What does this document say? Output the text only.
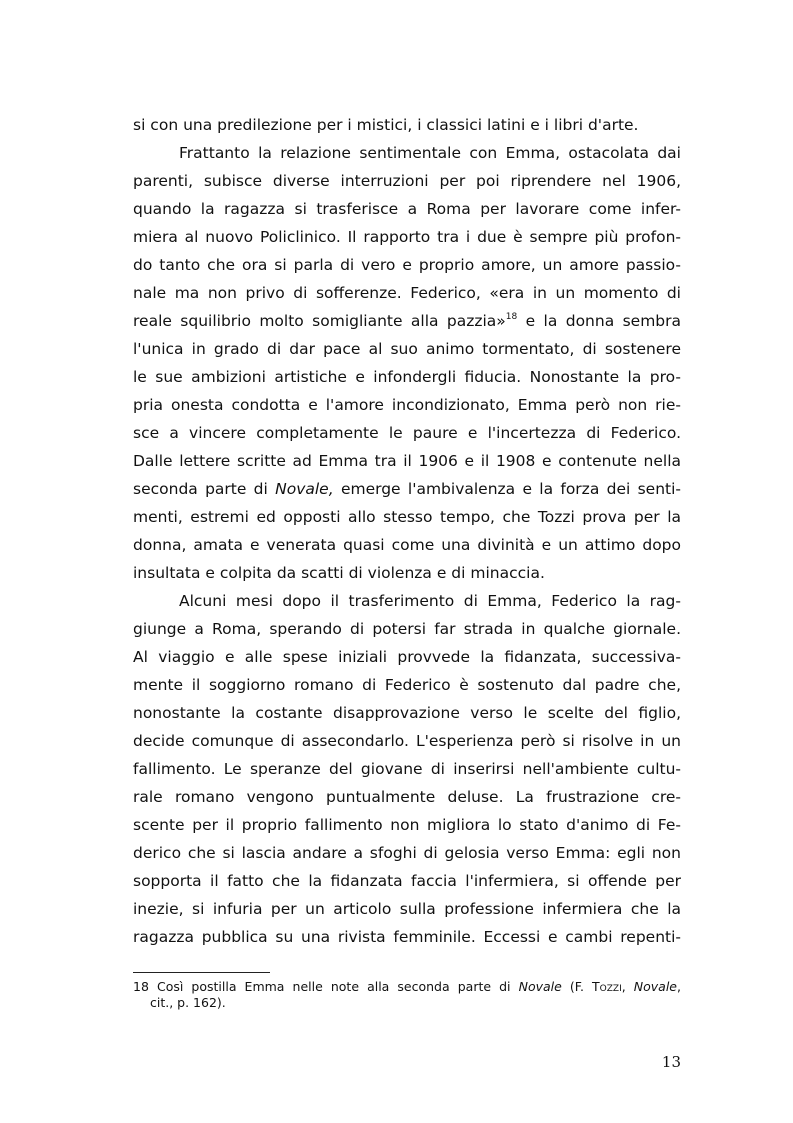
si con una predilezione per i mistici, i classici latini e i libri d'arte.
Frattanto la relazione sentimentale con Emma, ostacolata dai
parenti, subisce diverse interruzioni per poi riprendere nel 1906,
quando la ragazza si trasferisce a Roma per lavorare come infer-
miera al nuovo Policlinico. Il rapporto tra i due è sempre più profon-
do tanto che ora si parla di vero e proprio amore, un amore passio-
nale ma non privo di sofferenze. Federico, «era in un momento di
reale squilibrio molto somigliante alla pazzia»$^{18}$ e la donna sembra
l'unica in grado di dar pace al suo animo tormentato, di sostenere
le sue ambizioni artistiche e infondergli fiducia. Nonostante la pro-
pria onesta condotta e l'amore incondizionato, Emma però non rie-
sce a vincere completamente le paure e l'incertezza di Federico.
Dalle lettere scritte ad Emma tra il 1906 e il 1908 e contenute nella
seconda parte di Novale, emerge l'ambivalenza e la forza dei senti-
menti, estremi ed opposti allo stesso tempo, che Tozzi prova per la
donna, amata e venerata quasi come una divinità e un attimo dopo
insultata e colpita da scatti di violenza e di minaccia.
Alcuni mesi dopo il trasferimento di Emma, Federico la rag-
giunge a Roma, sperando di potersi far strada in qualche giornale.
Al viaggio e alle spese iniziali provvede la fidanzata, successiva-
mente il soggiorno romano di Federico è sostenuto dal padre che,
nonostante la costante disapprovazione verso le scelte del figlio,
decide comunque di assecondarlo. L'esperienza però si risolve in un
fallimento. Le speranze del giovane di inserirsi nell'ambiente cultu-
rale romano vengono puntualmente deluse. La frustrazione cre-
scente per il proprio fallimento non migliora lo stato d'animo di Fe-
derico che si lascia andare a sfoghi di gelosia verso Emma: egli non
sopporta il fatto che la fidanzata faccia l'infermiera, si offende per
inezie, si infuria per un articolo sulla professione infermiera che la
ragazza pubblica su una rivista femminile. Eccessi e cambi repenti-
18 Così postilla Emma nelle note alla seconda parte di Novale (F. Tozzi, Novale,
cit., p. 162).
13
